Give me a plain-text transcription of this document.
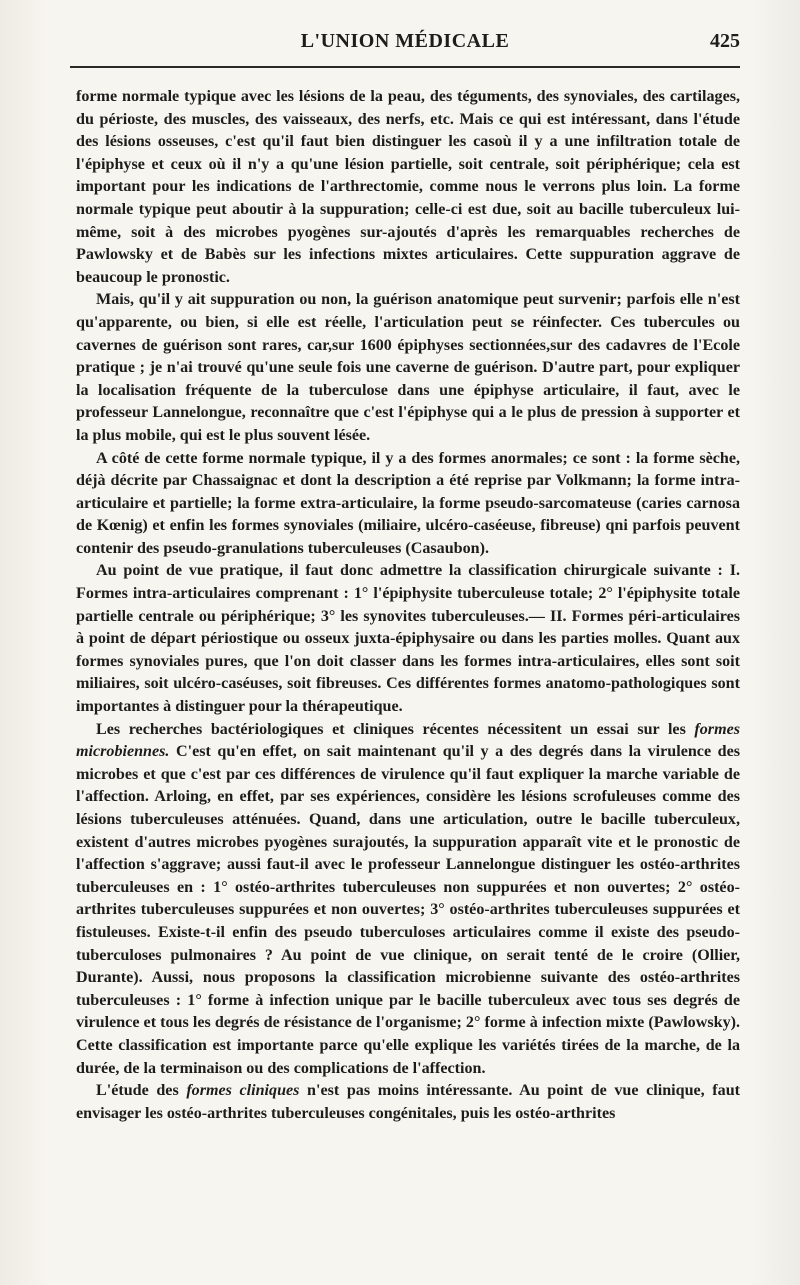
L'UNION MÉDICALE	425

forme normale typique avec les lésions de la peau, des téguments, des synoviales, des cartilages, du périoste, des muscles, des vaisseaux, des nerfs, etc. Mais ce qui est intéressant, dans l'étude des lésions osseuses, c'est qu'il faut bien distinguer les casoù il y a une infiltration totale de l'épiphyse et ceux où il n'y a qu'une lésion partielle, soit centrale, soit périphérique; cela est important pour les indications de l'arthrectomie, comme nous le verrons plus loin. La forme normale typique peut aboutir à la suppuration; celle-ci est due, soit au bacille tuberculeux lui-même, soit à des microbes pyogènes sur-ajoutés d'après les remarquables recherches de Pawlowsky et de Babès sur les infections mixtes articulaires. Cette suppuration aggrave de beaucoup le pronostic.

Mais, qu'il y ait suppuration ou non, la guérison anatomique peut survenir; parfois elle n'est qu'apparente, ou bien, si elle est réelle, l'articulation peut se réinfecter. Ces tubercules ou cavernes de guérison sont rares, car,sur 1600 épiphyses sectionnées,sur des cadavres de l'Ecole pratique ; je n'ai trouvé qu'une seule fois une caverne de guérison. D'autre part, pour expliquer la localisation fréquente de la tuberculose dans une épiphyse articulaire, il faut, avec le professeur Lannelongue, reconnaître que c'est l'épiphyse qui a le plus de pression à supporter et la plus mobile, qui est le plus souvent lésée.

A côté de cette forme normale typique, il y a des formes anormales; ce sont : la forme sèche, déjà décrite par Chassaignac et dont la description a été reprise par Volkmann; la forme intra-articulaire et partielle; la forme extra-articulaire, la forme pseudo-sarcomateuse (caries carnosa de Kœnig) et enfin les formes synoviales (miliaire, ulcéro-caséeuse, fibreuse) qni parfois peuvent contenir des pseudo-granulations tuberculeuses (Casaubon).

Au point de vue pratique, il faut donc admettre la classification chirurgicale suivante : I. Formes intra-articulaires comprenant : 1° l'épiphysite tuberculeuse totale; 2° l'épiphysite totale partielle centrale ou périphérique; 3° les synovites tuberculeuses.— II. Formes péri-articulaires à point de départ périostique ou osseux juxta-épiphysaire ou dans les parties molles. Quant aux formes synoviales pures, que l'on doit classer dans les formes intra-articulaires, elles sont soit miliaires, soit ulcéro-caséuses, soit fibreuses. Ces différentes formes anatomo-pathologiques sont importantes à distinguer pour la thérapeutique.

Les recherches bactériologiques et cliniques récentes nécessitent un essai sur les formes microbiennes. C'est qu'en effet, on sait maintenant qu'il y a des degrés dans la virulence des microbes et que c'est par ces différences de virulence qu'il faut expliquer la marche variable de l'affection. Arloing, en effet, par ses expériences, considère les lésions scrofuleuses comme des lésions tuberculeuses atténuées. Quand, dans une articulation, outre le bacille tuberculeux, existent d'autres microbes pyogènes surajoutés, la suppuration apparaît vite et le pronostic de l'affection s'aggrave; aussi faut-il avec le professeur Lannelongue distinguer les ostéo-arthrites tuberculeuses en : 1° ostéo-arthrites tuberculeuses non suppurées et non ouvertes; 2° ostéo-arthrites tuberculeuses suppurées et non ouvertes; 3° ostéo-arthrites tuberculeuses suppurées et fistuleuses. Existe-t-il enfin des pseudo tuberculoses articulaires comme il existe des pseudo-tuberculoses pulmonaires ? Au point de vue clinique, on serait tenté de le croire (Ollier, Durante). Aussi, nous proposons la classification microbienne suivante des ostéo-arthrites tuberculeuses : 1° forme à infection unique par le bacille tuberculeux avec tous ses degrés de virulence et tous les degrés de résistance de l'organisme; 2° forme à infection mixte (Pawlowsky). Cette classification est importante parce qu'elle explique les variétés tirées de la marche, de la durée, de la terminaison ou des complications de l'affection.

L'étude des formes cliniques n'est pas moins intéressante. Au point de vue clinique, faut envisager les ostéo-arthrites tuberculeuses congénitales, puis les ostéo-arthrites
